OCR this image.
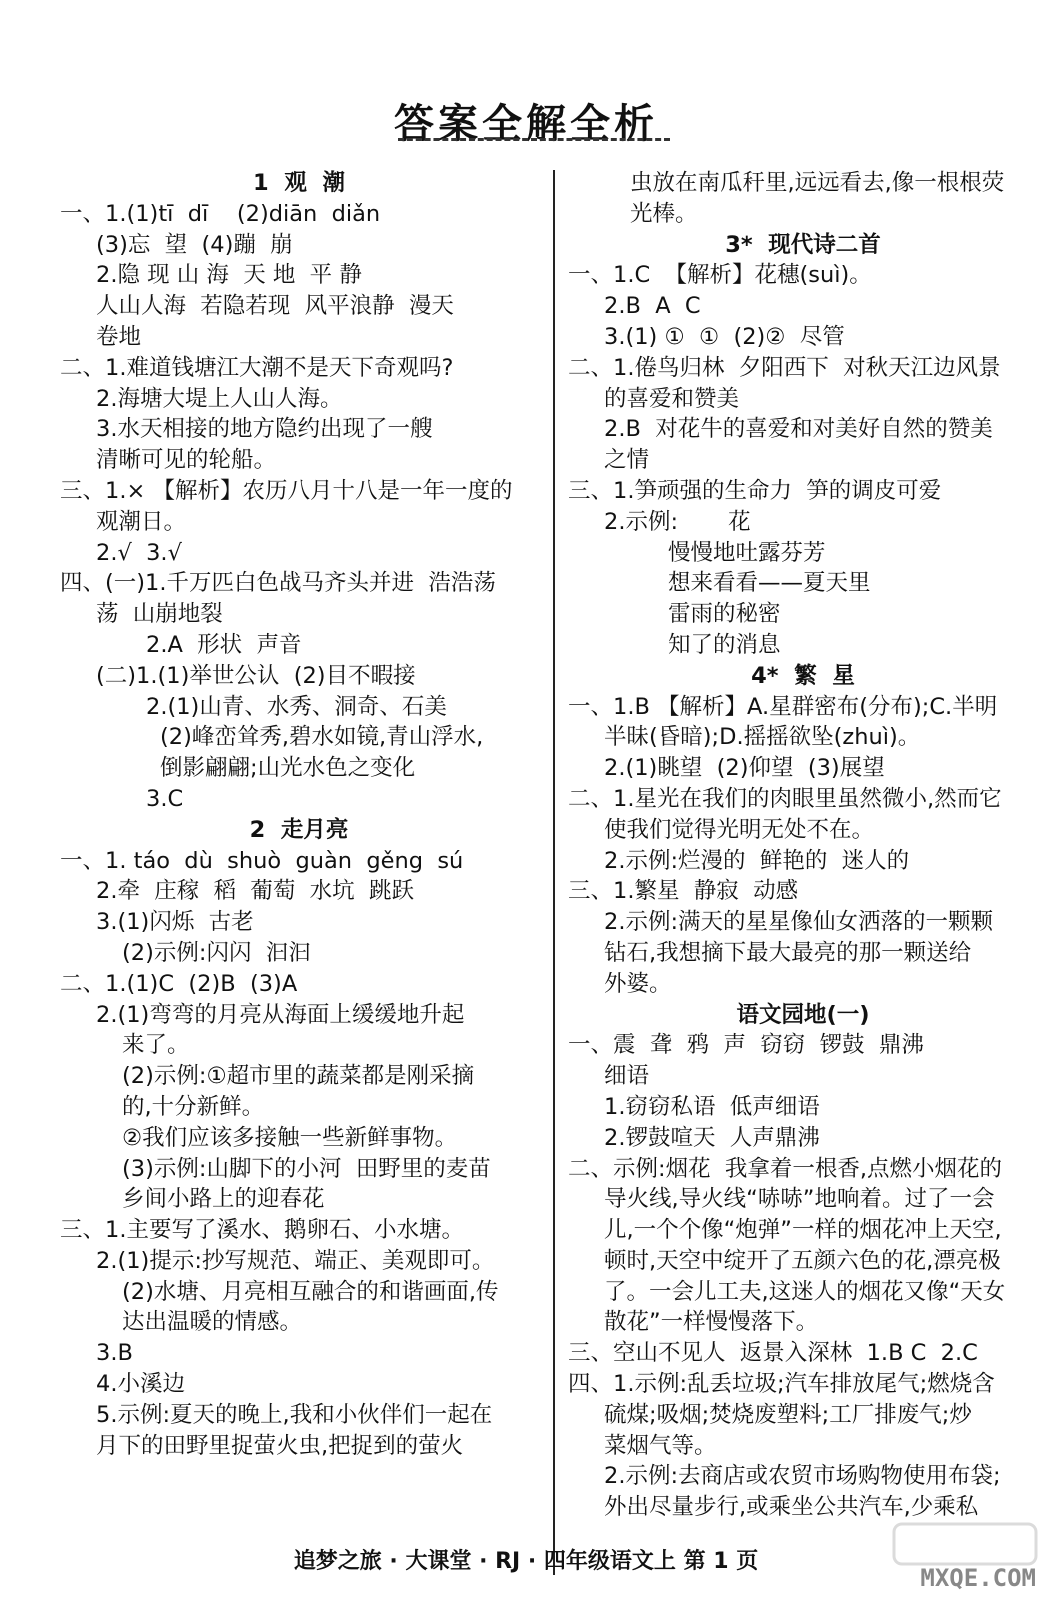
答案全解全析
1  观  潮
一、1.(1)tī  dī    (2)diān  diǎn
(3)忘  望  (4)蹦  崩
2.隐 现 山 海  天 地  平 静
人山人海  若隐若现  风平浪静  漫天
卷地
二、1.难道钱塘江大潮不是天下奇观吗?
2.海塘大堤上人山人海。
3.水天相接的地方隐约出现了一艘
清晰可见的轮船。
三、1.× 【解析】农历八月十八是一年一度的
观潮日。
2.√  3.√
四、(一)1.千万匹白色战马齐头并进  浩浩荡
荡  山崩地裂
2.A  形状  声音
(二)1.(1)举世公认  (2)目不暇接
2.(1)山青、水秀、洞奇、石美
(2)峰峦耸秀,碧水如镜,青山浮水,
倒影翩翩;山光水色之变化
3.C
2  走月亮
一、1. táo  dù  shuò  guàn  gěng  sú
2.牵  庄稼  稻  葡萄  水坑  跳跃
3.(1)闪烁  古老
(2)示例:闪闪  汩汩
二、1.(1)C  (2)B  (3)A
2.(1)弯弯的月亮从海面上缓缓地升起
来了。
(2)示例:①超市里的蔬菜都是刚采摘
的,十分新鲜。
②我们应该多接触一些新鲜事物。
(3)示例:山脚下的小河  田野里的麦苗
乡间小路上的迎春花
三、1.主要写了溪水、鹅卵石、小水塘。
2.(1)提示:抄写规范、端正、美观即可。
(2)水塘、月亮相互融合的和谐画面,传
达出温暖的情感。
3.B
4.小溪边
5.示例:夏天的晚上,我和小伙伴们一起在
月下的田野里捉萤火虫,把捉到的萤火
虫放在南瓜秆里,远远看去,像一根根荧
光棒。
3*  现代诗二首
一、1.C  【解析】花穗(suì)。
2.B  A  C
3.(1) ①  ①  (2)②  尽管
二、1.倦鸟归林  夕阳西下  对秋天江边风景
的喜爱和赞美
2.B  对花牛的喜爱和对美好自然的赞美
之情
三、1.笋顽强的生命力  笋的调皮可爱
2.示例:       花
慢慢地吐露芬芳
想来看看——夏天里
雷雨的秘密
知了的消息
4*  繁  星
一、1.B 【解析】A.星群密布(分布);C.半明
半昧(昏暗);D.摇摇欲坠(zhuì)。
2.(1)眺望  (2)仰望  (3)展望
二、1.星光在我们的肉眼里虽然微小,然而它
使我们觉得光明无处不在。
2.示例:烂漫的  鲜艳的  迷人的
三、1.繁星  静寂  动感
2.示例:满天的星星像仙女洒落的一颗颗
钻石,我想摘下最大最亮的那一颗送给
外婆。
语文园地(一)
一、震  聋  鸦  声  窃窃  锣鼓  鼎沸
细语
1.窃窃私语  低声细语
2.锣鼓喧天  人声鼎沸
二、示例:烟花  我拿着一根香,点燃小烟花的
导火线,导火线“哧哧”地响着。过了一会
儿,一个个像“炮弹”一样的烟花冲上天空,
顿时,天空中绽开了五颜六色的花,漂亮极
了。一会儿工夫,这迷人的烟花又像“天女
散花”一样慢慢落下。
三、空山不见人  返景入深林  1.B C  2.C
四、1.示例:乱丢垃圾;汽车排放尾气;燃烧含
硫煤;吸烟;焚烧废塑料;工厂排废气;炒
菜烟气等。
2.示例:去商店或农贸市场购物使用布袋;
外出尽量步行,或乘坐公共汽车,少乘私
追梦之旅 · 大课堂 · RJ · 四年级语文上 第 1 页
MXQE.COM
